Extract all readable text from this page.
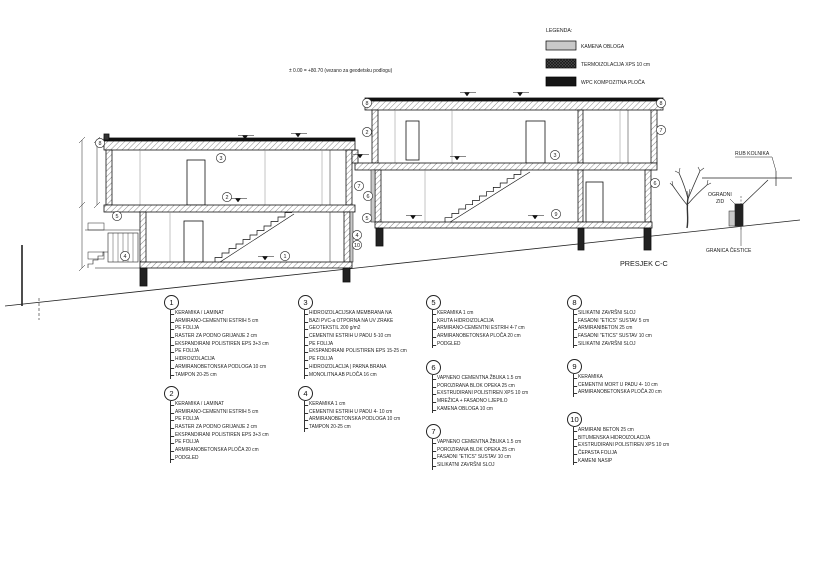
LEGENDA:
KAMENA OBLOGA
TERMOIZOLACIJA XPS 10 cm
WPC KOMPOZITNA PLOČA
± 0.00 = +80.70 (vezano za geodetsku podlogu)
RUB KOLNIKA
OGRADNI
ZID
GRANICA ČESTICE
PRESJEK C-C
8
3
2
5
4	1
8
2
3
7
6
5
4
10
8
7
6
9
1
KERAMIKA / LAMINAT
ARMIRANO-CEMENTNI ESTRIH 5 cm
PE FOLIJA
RASTER ZA PODNO GRIJANJE 2 cm
EKSPANDIRANI POLISTIREN EPS 3+3 cm
PE FOLIJA
HIDROIZOLACIJA
ARMIRANOBETONSKA PODLOGA 10 cm
TAMPON 20-25 cm
2
KERAMIKA / LAMINAT
ARMIRANO-CEMENTNI ESTRIH 5 cm
PE FOLIJA
RASTER ZA PODNO GRIJANJE 2 cm
EKSPANDIRANI POLISTIREN EPS 3+3 cm
PE FOLIJA
ARMIRANOBETONSKA PLOČA 20 cm
PODGLED
3
HIDROIZOLACIJSKA MEMBRANA NA
BAZI PVC-a OTPORNA NA UV ZRAKE
GEOTEKSTIL 200 g/m2
CEMENTNI ESTRIH U PADU 5-10 cm
PE FOLIJA
EKSPANDIRANI POLISTIREN EPS 15-25 cm
PE FOLIJA
HIDROIZOLACIJA | PARNA BRANA
MONOLITNA AB PLOČA 16 cm
4
KERAMIKA 1 cm
CEMENTNI ESTRIH U PADU 4- 10 cm
ARMIRANOBETONSKA PODLOGA 10 cm
TAMPON 20-25 cm
5
KERAMIKA 1 cm
KRUTA HIDROIZOLACIJA
ARMIRANO-CEMENTNI ESTRIH 4-7 cm
ARMIRANOBETONSKA PLOČA 20 cm
PODGLED
6
VAPNENO CEMENTNA ŽBUKA 1.5 cm
POROZIRANA BLOK OPEKA 25 cm
EXSTRUDIRANI POLISTIREN XPS 10 cm
MREŽICA + FASADNO LJEPILO
KAMENA OBLOGA 10 cm
7
VAPNENO CEMENTNA ŽBUKA 1.5 cm
POROZIRANA BLOK OPEKA 25 cm
FASADNI "ETICS" SUSTAV 10 cm
SILIKATNI ZAVRŠNI SLOJ
8
SILIKATNI ZAVRŠNI SLOJ
FASADNI "ETICS" SUSTAV 5 cm
ARMIRANIBETON 25 cm
FASADNI "ETICS" SUSTAV 10 cm
SILIKATNI ZAVRŠNI SLOJ
9
KERAMIKA
CEMENTNI MORT U PADU 4- 10 cm
ARMIRANOBETONSKA PLOČA 20 cm
10
ARMIRANI BETON 25 cm
BITUMENSKA HIDROIZOLACIJA
EXSTRUDIRANI POLISTIREN XPS 10 cm
ČEPASTA FOLIJA
KAMENI NASIP
